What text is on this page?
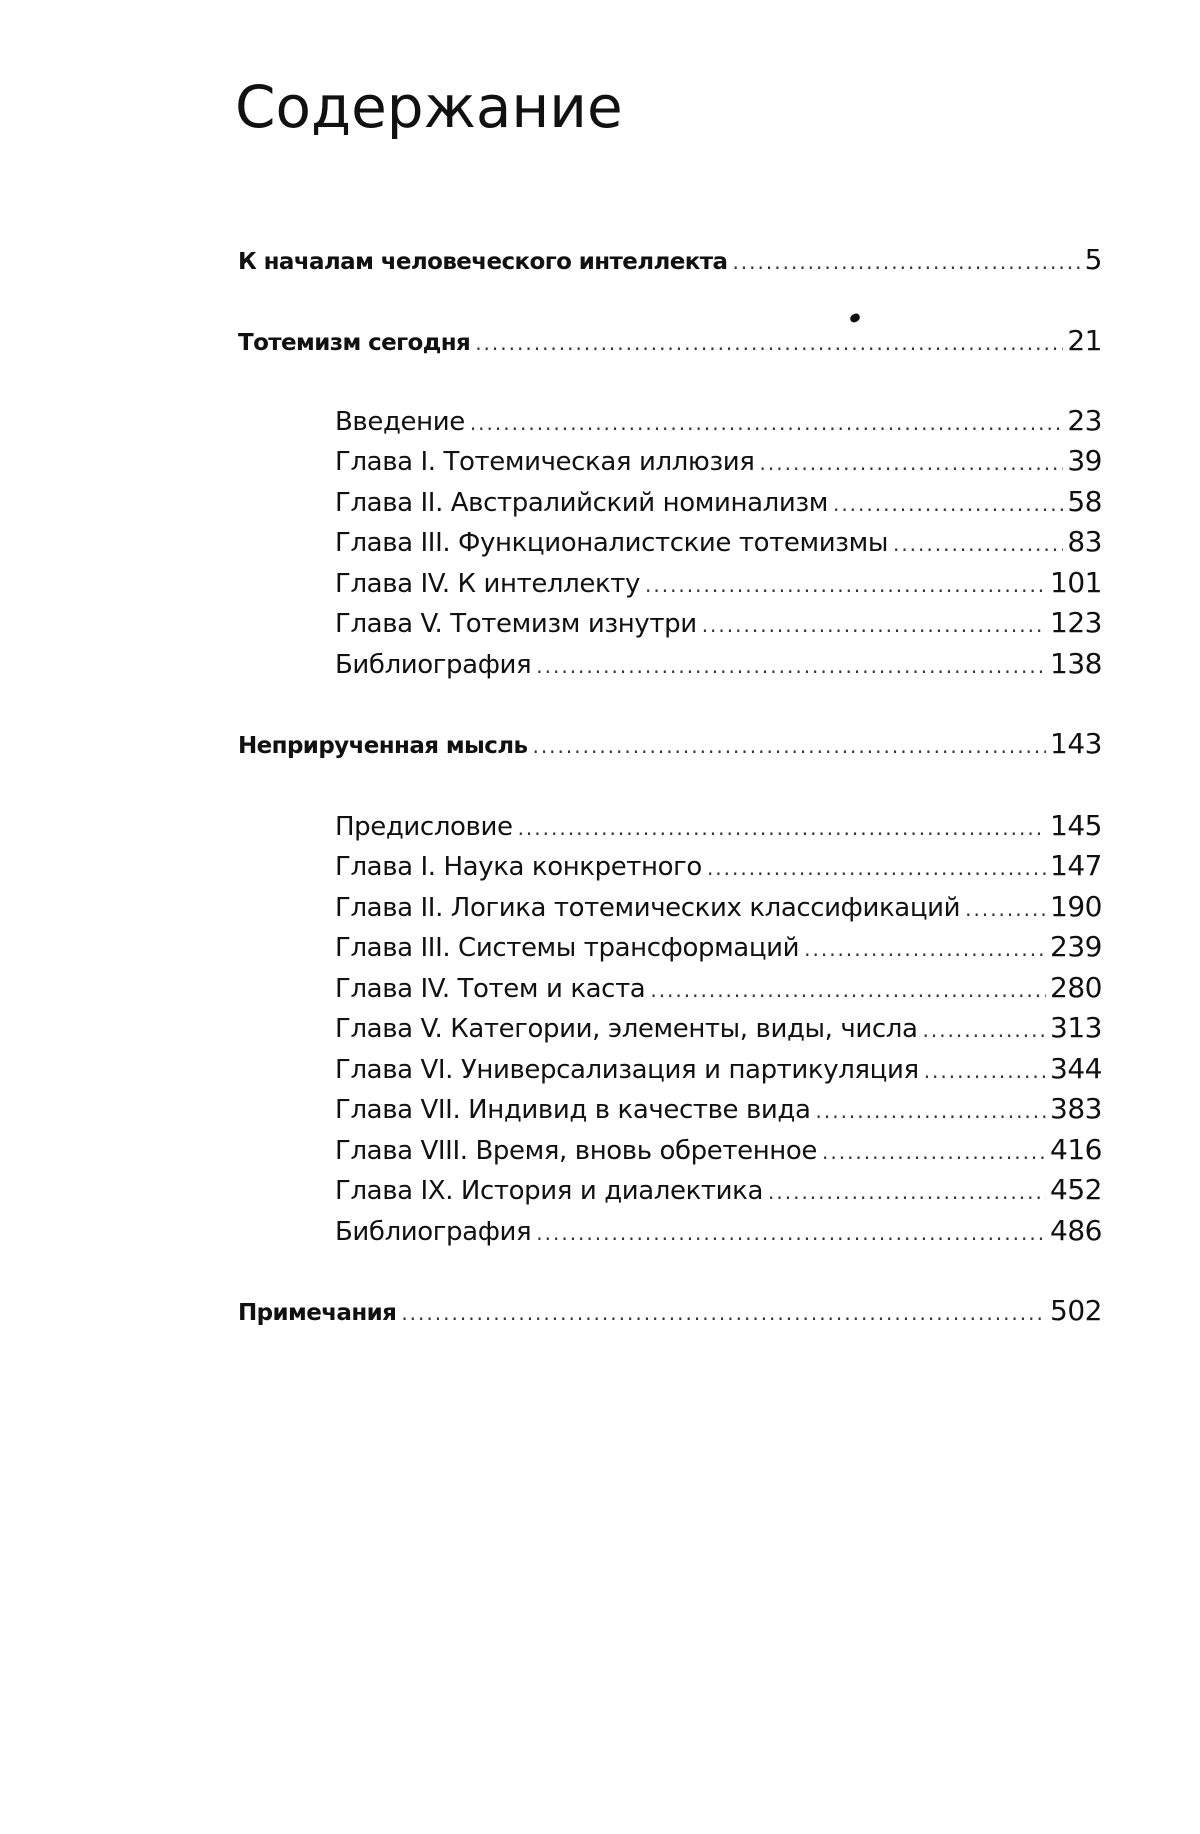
Содержание
К началам человеческого интеллекта .....	5
Тотемизм сегодня .....	21
Введение .....	23
Глава I. Тотемическая иллюзия .....	39
Глава II. Австралийский номинализм .....	58
Глава III. Функционалистские тотемизмы .....	83
Глава IV. К интеллекту .....	101
Глава V. Тотемизм изнутри .....	123
Библиография .....	138
Неприрученная мысль .....	143
Предисловие .....	145
Глава I. Наука конкретного .....	147
Глава II. Логика тотемических классификаций .....	190
Глава III. Системы трансформаций .....	239
Глава IV. Тотем и каста .....	280
Глава V. Категории, элементы, виды, числа .....	313
Глава VI. Универсализация и партикуляция .....	344
Глава VII. Индивид в качестве вида .....	383
Глава VIII. Время, вновь обретенное .....	416
Глава IX. История и диалектика .....	452
Библиография .....	486
Примечания .....	502
